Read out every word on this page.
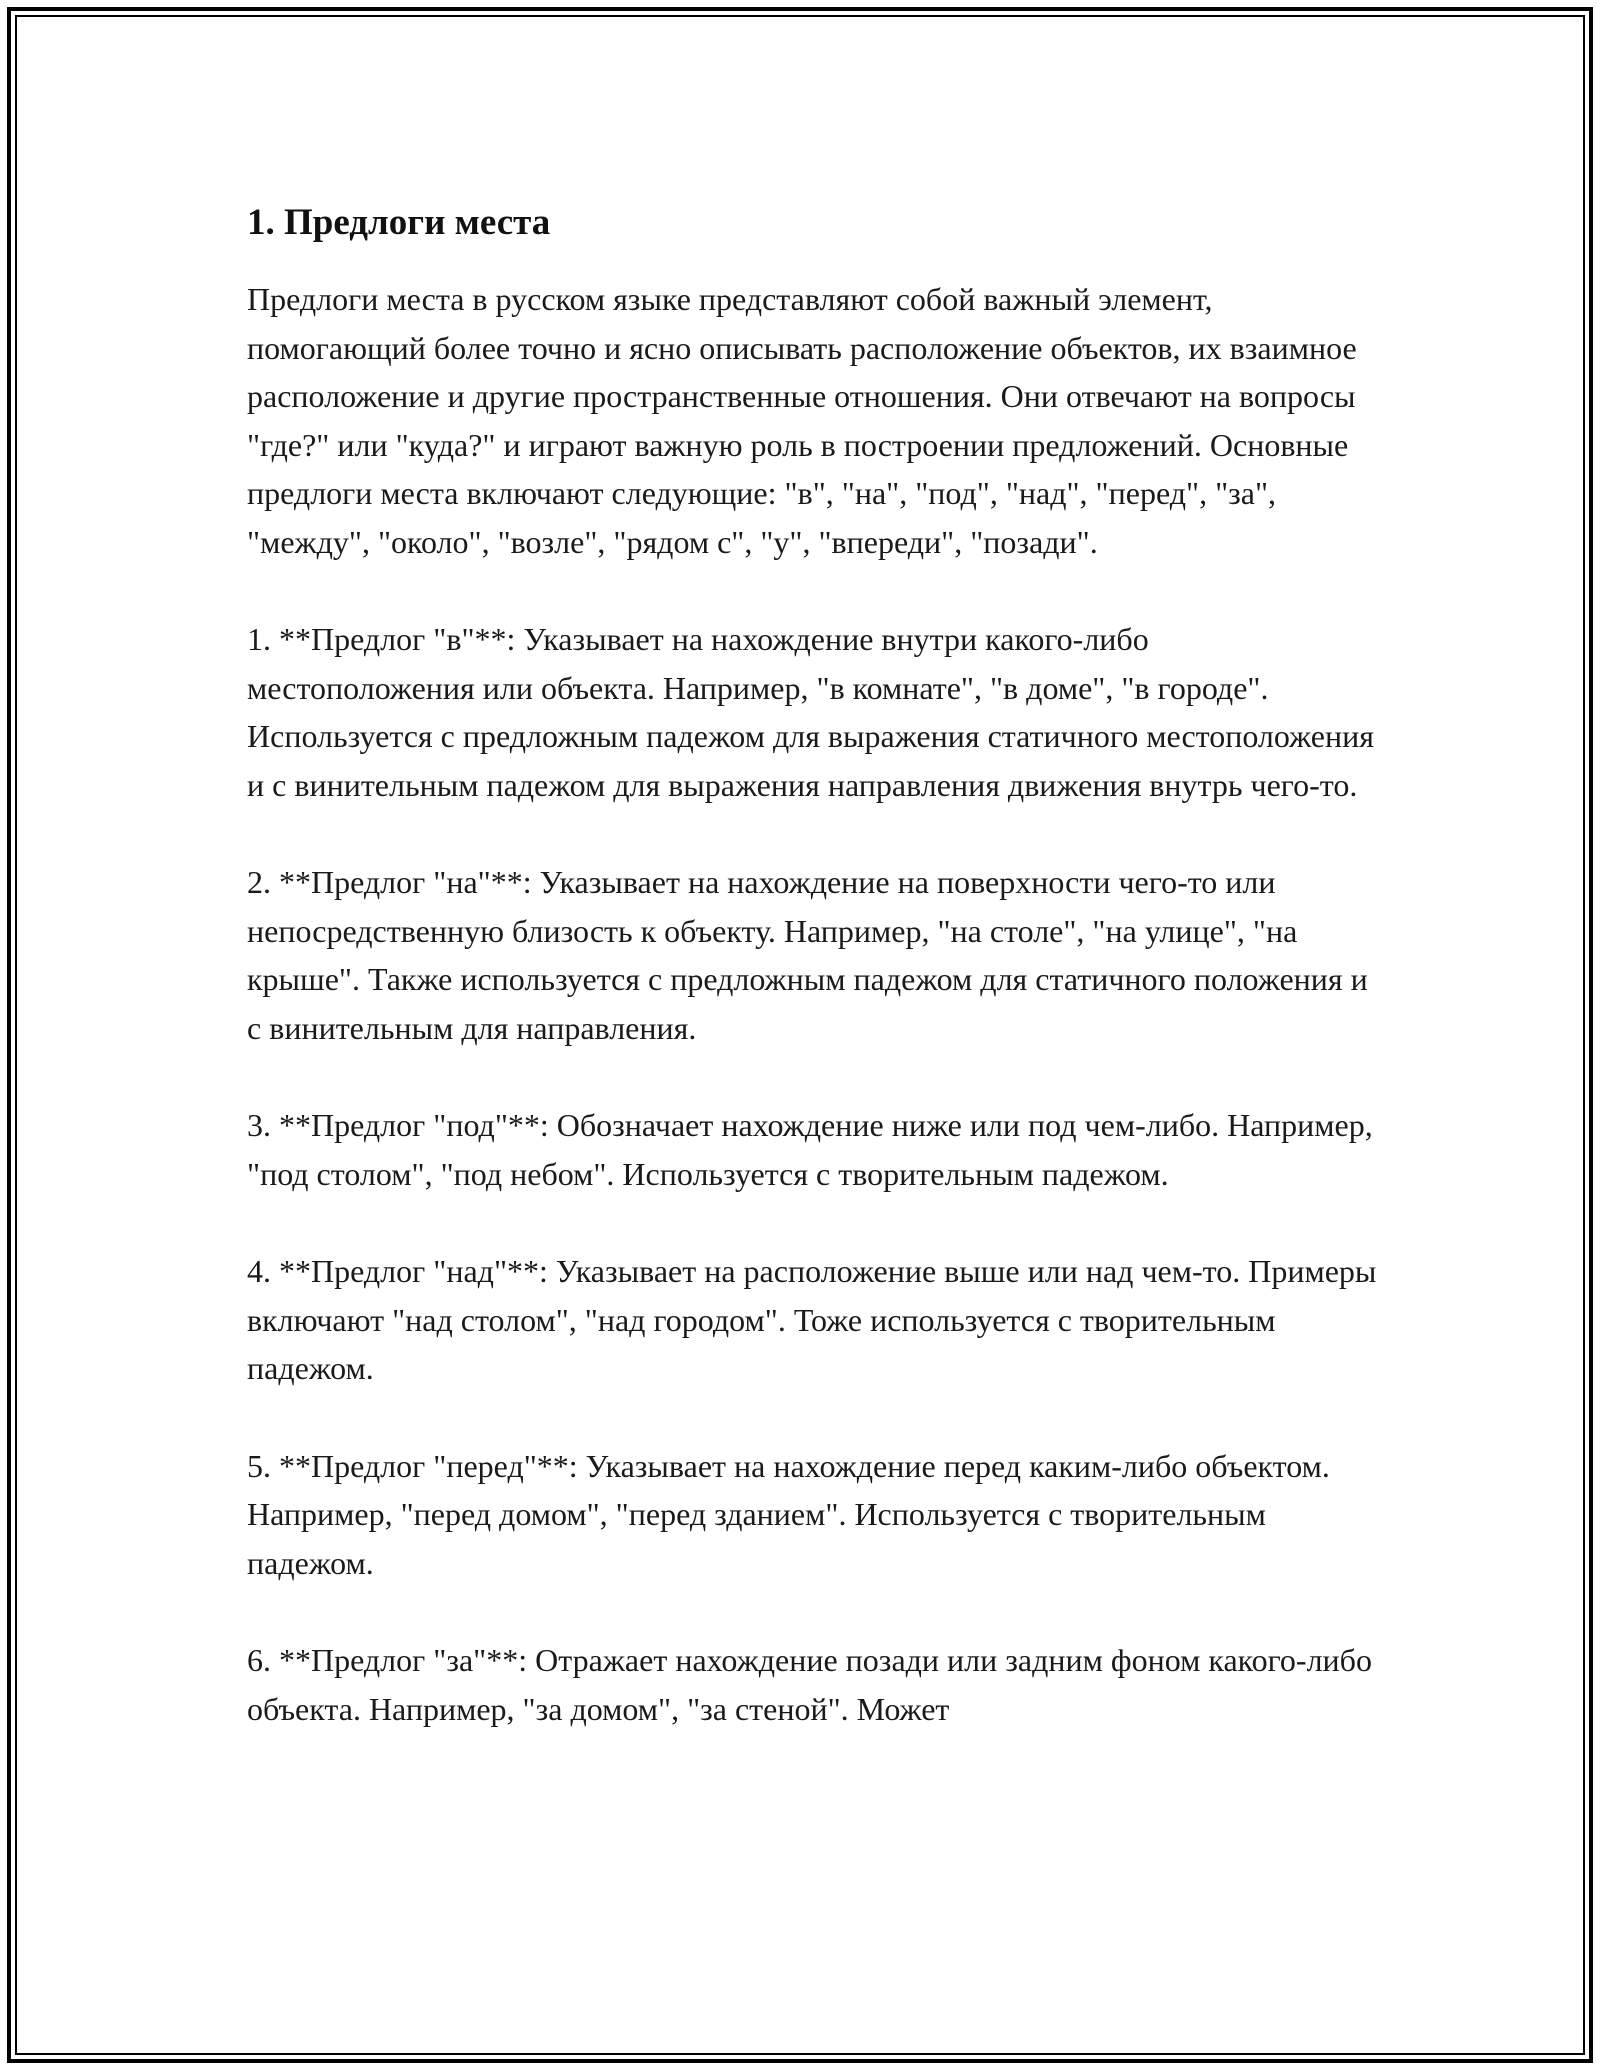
1. Предлоги места

Предлоги места в русском языке представляют собой важный элемент, помогающий более точно и ясно описывать расположение объектов, их взаимное расположение и другие пространственные отношения. Они отвечают на вопросы "где?" или "куда?" и играют важную роль в построении предложений. Основные предлоги места включают следующие: "в", "на", "под", "над", "перед", "за", "между", "около", "возле", "рядом с", "у", "впереди", "позади".

1. **Предлог "в"**: Указывает на нахождение внутри какого-либо местоположения или объекта. Например, "в комнате", "в доме", "в городе". Используется с предложным падежом для выражения статичного местоположения и с винительным падежом для выражения направления движения внутрь чего-то.

2. **Предлог "на"**: Указывает на нахождение на поверхности чего-то или непосредственную близость к объекту. Например, "на столе", "на улице", "на крыше". Также используется с предложным падежом для статичного положения и с винительным для направления.

3. **Предлог "под"**: Обозначает нахождение ниже или под чем-либо. Например, "под столом", "под небом". Используется с творительным падежом.

4. **Предлог "над"**: Указывает на расположение выше или над чем-то. Примеры включают "над столом", "над городом". Тоже используется с творительным падежом.

5. **Предлог "перед"**: Указывает на нахождение перед каким-либо объектом. Например, "перед домом", "перед зданием". Используется с творительным падежом.

6. **Предлог "за"**: Отражает нахождение позади или задним фоном какого-либо объекта. Например, "за домом", "за стеной". Может
